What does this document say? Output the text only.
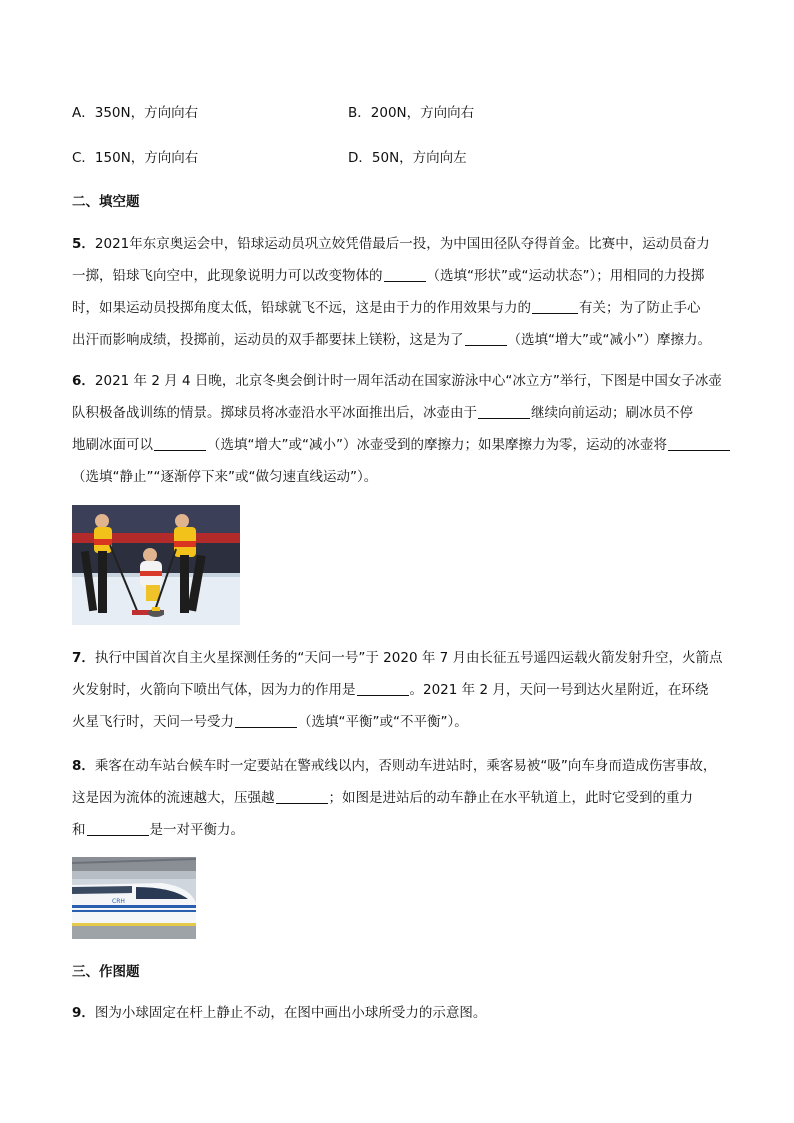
A．350N，方向向右	B．200N，方向向右
C．150N，方向向右	D．50N，方向向左
二、填空题

5．2021年东京奥运会中，铅球运动员巩立姣凭借最后一投，为中国田径队夺得首金。比赛中，运动员奋力

一掷，铅球飞向空中，此现象说明力可以改变物体的	（选填“形状”或“运动状态”）；用相同的力投掷

时，如果运动员投掷角度太低，铅球就飞不远，这是由于力的作用效果与力的	有关；为了防止手心

出汗而影响成绩，投掷前，运动员的双手都要抹上镁粉，这是为了	（选填“增大”或“减小”）摩擦力。

6．2021 年 2 月 4 日晚，北京冬奥会倒计时一周年活动在国家游泳中心“冰立方”举行，下图是中国女子冰壶

队积极备战训练的情景。掷球员将冰壶沿水平冰面推出后，冰壶由于	继续向前运动；刷冰员不停

地刷冰面可以	（选填“增大”或“减小”）冰壶受到的摩擦力；如果摩擦力为零，运动的冰壶将

（选填“静止”“逐渐停下来”或“做匀速直线运动”）。

7．执行中国首次自主火星探测任务的“天问一号”于 2020 年 7 月由长征五号遥四运载火箭发射升空，火箭点

火发射时，火箭向下喷出气体，因为力的作用是	。2021 年 2 月，天问一号到达火星附近，在环绕

火星飞行时，天问一号受力	（选填“平衡”或“不平衡”）。

8．乘客在动车站台候车时一定要站在警戒线以内，否则动车进站时，乘客易被“吸”向车身而造成伤害事故，

这是因为流体的流速越大，压强越	；如图是进站后的动车静止在水平轨道上，此时它受到的重力

和	是一对平衡力。

CRH
三、作图题

9．图为小球固定在杆上静止不动，在图中画出小球所受力的示意图。
